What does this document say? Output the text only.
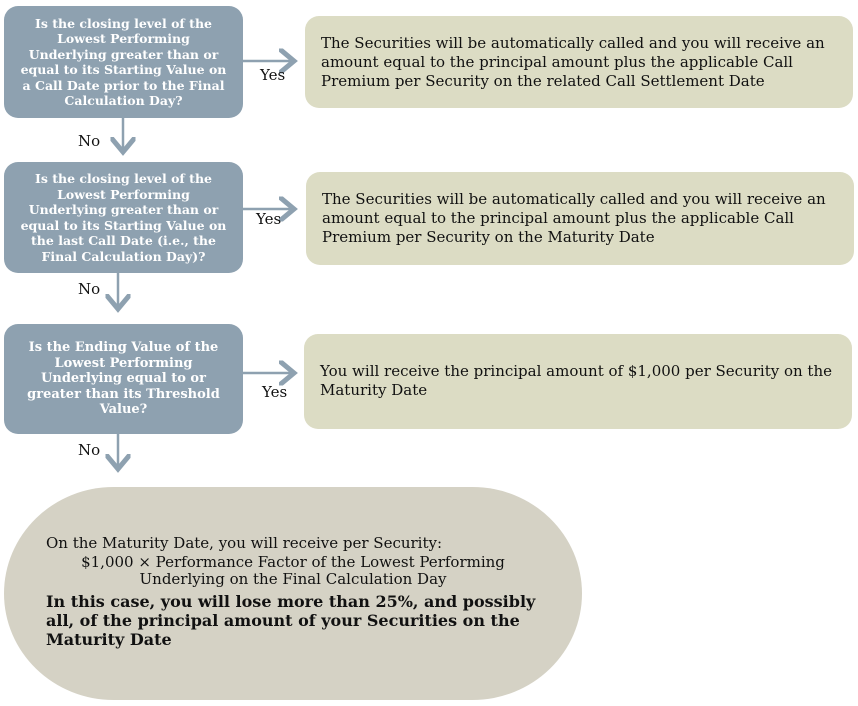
Is the closing level of the Lowest Performing Underlying greater than or equal to its Starting Value on a Call Date prior to the Final Calculation Day?
Yes
The Securities will be automatically called and you will receive an amount equal to the principal amount plus the applicable Call Premium per Security on the related Call Settlement Date
No
Is the closing level of the Lowest Performing Underlying greater than or equal to its Starting Value on the last Call Date (i.e., the Final Calculation Day)?
Yes
The Securities will be automatically called and you will receive an amount equal to the principal amount plus the applicable Call Premium per Security on the Maturity Date
No
Is the Ending Value of the Lowest Performing Underlying equal to or greater than its Threshold Value?
Yes
You will receive the principal amount of $1,000 per Security on the Maturity Date
No
On the Maturity Date, you will receive per Security:
$1,000 × Performance Factor of the Lowest Performing Underlying on the Final Calculation Day
In this case, you will lose more than 25%, and possibly all, of the principal amount of your Securities on the Maturity Date
